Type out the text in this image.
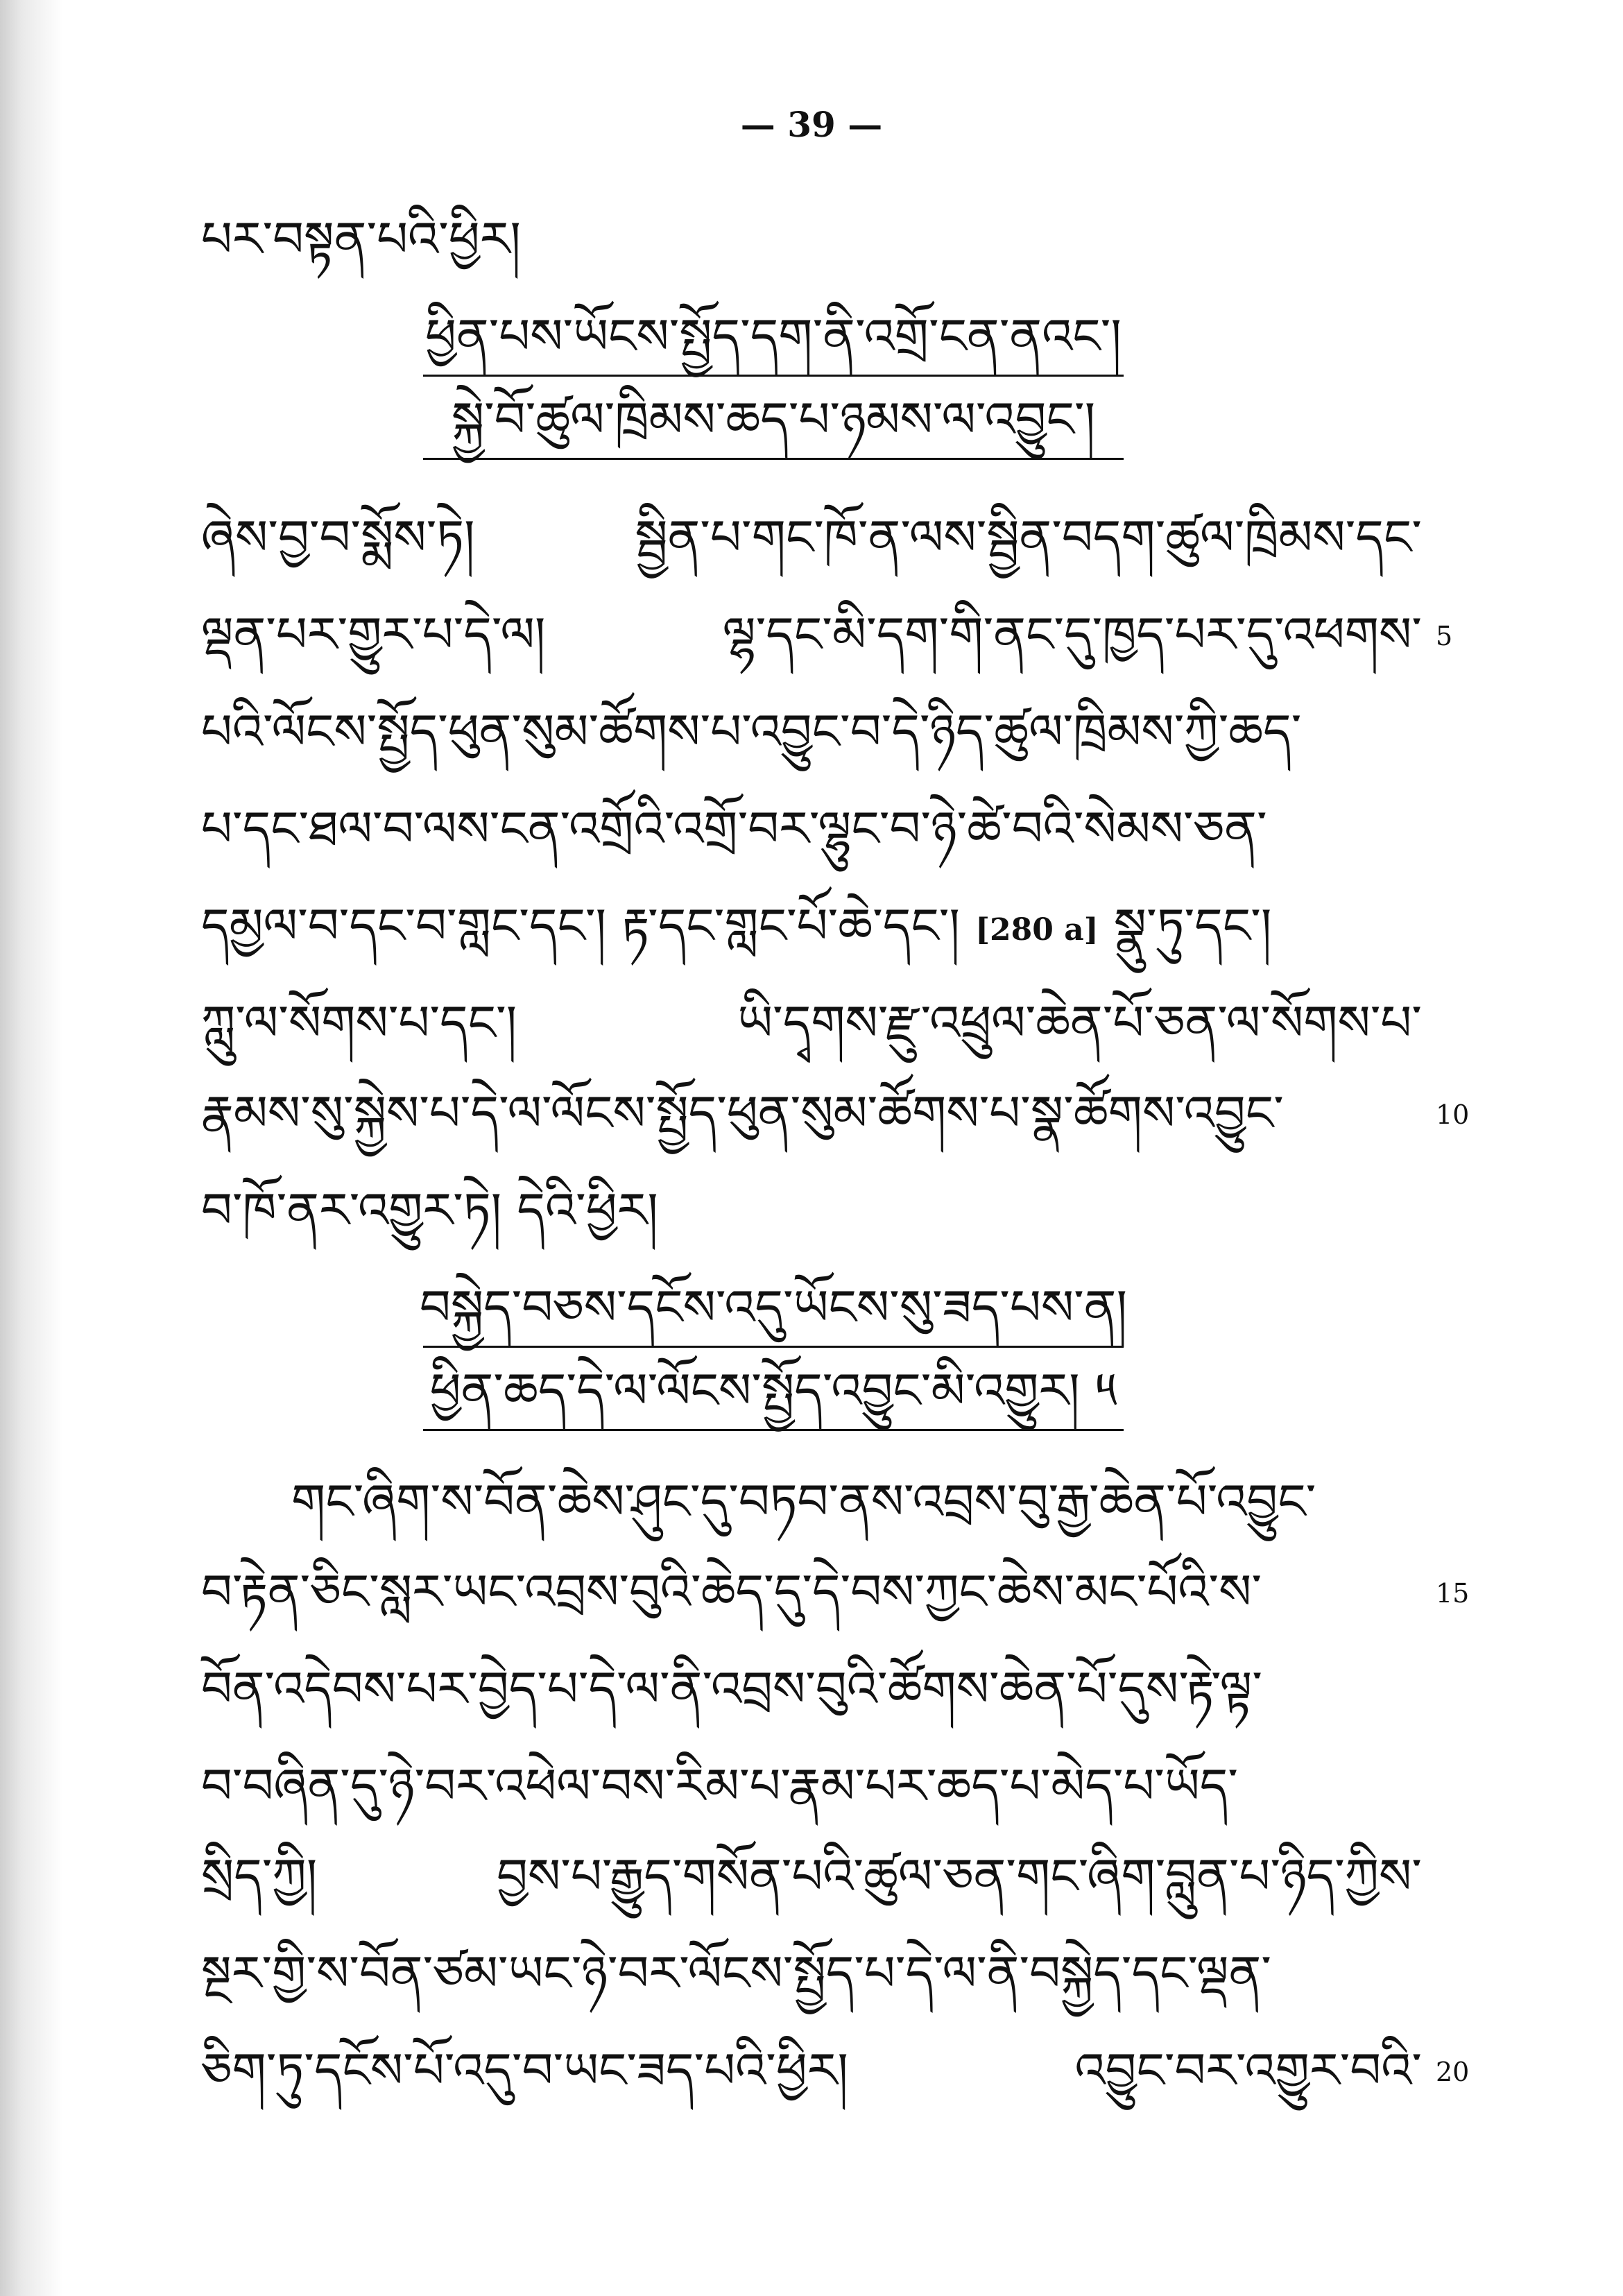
— 39 —
པར་བསྟན་པའི་ཕྱིར།
ཕྱིན་པས་ཡོངས་སྤྱོད་དག་ནི་འགྲོ་ངན་ནའང་།
སྐྱེ་བོ་ཚུལ་ཁྲིམས་ཆད་པ་ཉམས་ལ་འབྱུང་།
ཞེས་བྱ་བ་སྨོས་ཏེ། སྦྱིན་པ་གང་ཁོ་ན་ལས་སྦྱིན་བདག་ཚུལ་ཁྲིམས་དང་
ལྡན་པར་གྱུར་པ་དེ་ལ། ལྷ་དང་མི་དག་གི་ནང་དུ་ཁྱད་པར་དུ་འཕགས་ 5
པའི་ལོངས་སྤྱོད་ཕུན་སུམ་ཚོགས་པ་འབྱུང་བ་དེ་ཉིད་ཚུལ་ཁྲིམས་ཀྱི་ཆད་
པ་དང་ཐལ་བ་ལས་ངན་འགྲོའི་འགྲོ་བར་ལྷུང་བ་ཉེ་ཚེ་བའི་སེམས་ཅན་
དམྱལ་བ་དང་བ་གླང་དང་། རྟ་དང་གླང་པོ་ཆེ་དང་། [280 a] སྣུ་ཏུ་དང་།
ཀླུ་ལ་སོགས་པ་དང་། ཡི་དྭགས་རྫུ་འཕྲུལ་ཆེན་པོ་ཅན་ལ་སོགས་པ་
རྣམས་སུ་སྐྱེས་པ་དེ་ལ་ལོངས་སྤྱོད་ཕུན་སུམ་ཚོགས་པ་སྣ་ཚོགས་འབྱུང་	10
བ་ཁོ་ནར་འགྱུར་ཏེ། དེའི་ཕྱིར།
བསྐྱེད་བཅས་དངོས་འདུ་ཡོངས་སུ་ཟད་པས་ན།
ཕྱིན་ཆད་དེ་ལ་ལོངས་སྤྱོད་འབྱུང་མི་འགྱུར། ༥
གང་ཞིག་ས་བོན་ཆེས་ཤུང་དུ་བཏབ་ནས་འབྲས་བུ་རྒྱ་ཆེན་པོ་འབྱུང་
བ་རྟེན་ཅིང་སླར་ཡང་འབྲས་བུའི་ཆེད་དུ་དེ་བས་ཀྱང་ཆེས་མང་པོའི་ས་	15
བོན་འདེབས་པར་བྱེད་པ་དེ་ལ་ནི་འབྲས་བུའི་ཚོགས་ཆེན་པོ་དུས་རྟེ་ལྟ་
བ་བཞིན་དུ་ཉེ་བར་འཕེལ་བས་རིམ་པ་རྣམ་པར་ཆད་པ་མེད་པ་ཡོད་
སྲིད་ཀྱི། བྱས་པ་རྒྱུད་གསོན་པའི་ཚུལ་ཅན་གང་ཞིག་བླུན་པ་ཉིད་ཀྱིས་
སྔར་གྱི་ས་བོན་ཙམ་ཡང་ཉེ་བར་ལོངས་སྤྱོད་པ་དེ་ལ་ནི་བསྐྱེད་དང་ལྡན་
ཅིག་ཏུ་དངོས་པོ་འདུ་བ་ཡང་ཟད་པའི་ཕྱིར། འབྱུང་བར་འགྱུར་བའི་ 20
